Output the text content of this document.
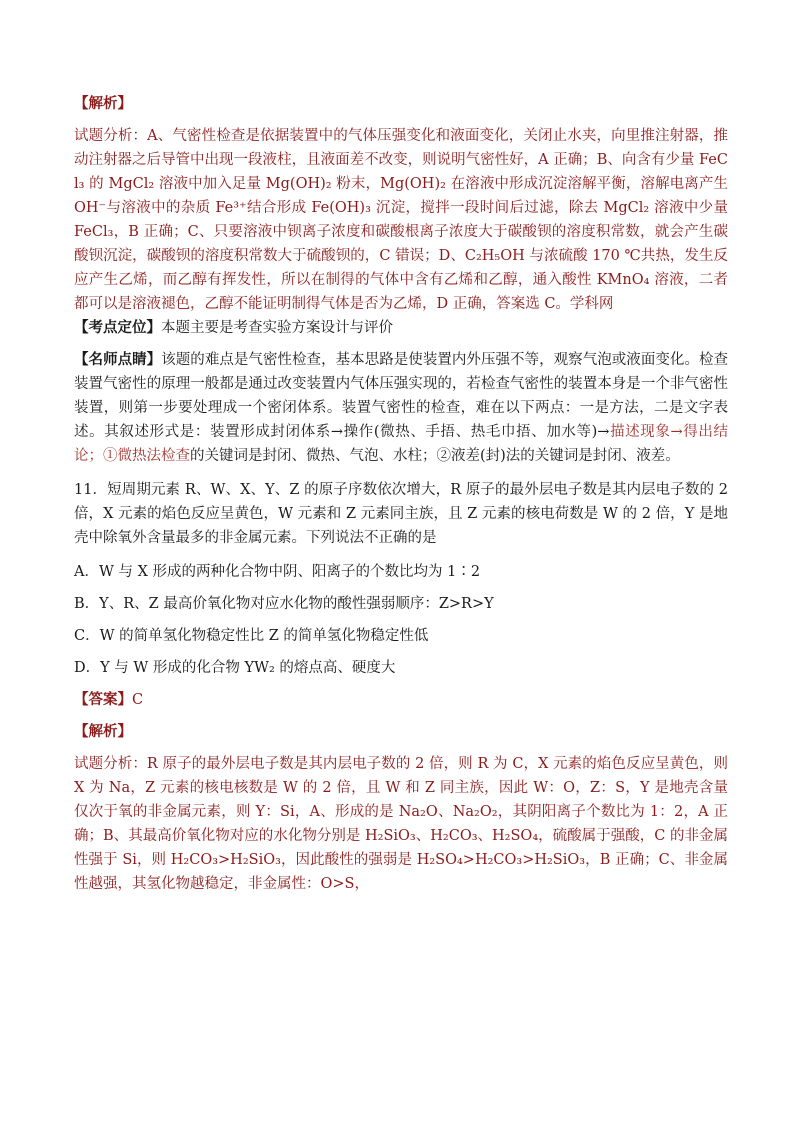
【解析】

试题分析：A、气密性检查是依据装置中的气体压强变化和液面变化，关闭止水夹，向里推注射器，推动注射器之后导管中出现一段液柱，且液面差不改变，则说明气密性好，A 正确；B、向含有少量 FeCl₃ 的 MgCl₂ 溶液中加入足量 Mg(OH)₂ 粉末，Mg(OH)₂ 在溶液中形成沉淀溶解平衡，溶解电离产生 OH⁻与溶液中的杂质 Fe³⁺结合形成 Fe(OH)₃ 沉淀，搅拌一段时间后过滤，除去 MgCl₂ 溶液中少量 FeCl₃，B 正确；C、只要溶液中钡离子浓度和碳酸根离子浓度大于碳酸钡的溶度积常数，就会产生碳酸钡沉淀，碳酸钡的溶度积常数大于硫酸钡的，C 错误；D、C₂H₅OH 与浓硫酸 170 ℃共热，发生反应产生乙烯，而乙醇有挥发性，所以在制得的气体中含有乙烯和乙醇，通入酸性 KMnO₄ 溶液，二者都可以是溶液褪色，乙醇不能证明制得气体是否为乙烯，D 正确，答案选 C。学科网

【考点定位】本题主要是考查实验方案设计与评价

【名师点睛】该题的难点是气密性检查，基本思路是使装置内外压强不等，观察气泡或液面变化。检查装置气密性的原理一般都是通过改变装置内气体压强实现的，若检查气密性的装置本身是一个非气密性装置，则第一步要处理成一个密闭体系。装置气密性的检查，难在以下两点：一是方法，二是文字表述。其叙述形式是：装置形成封闭体系→操作(微热、手捂、热毛巾捂、加水等)→描述现象→得出结论；①微热法检查的关键词是封闭、微热、气泡、水柱；②液差(封)法的关键词是封闭、液差。

11．短周期元素 R、W、X、Y、Z 的原子序数依次增大，R 原子的最外层电子数是其内层电子数的 2 倍，X 元素的焰色反应呈黄色，W 元素和 Z 元素同主族，且 Z 元素的核电荷数是 W 的 2 倍，Y 是地壳中除氧外含量最多的非金属元素。下列说法不正确的是

A．W 与 X 形成的两种化合物中阴、阳离子的个数比均为 1∶2

B．Y、R、Z 最高价氧化物对应水化物的酸性强弱顺序：Z>R>Y

C．W 的简单氢化物稳定性比 Z 的简单氢化物稳定性低

D．Y 与 W 形成的化合物 YW₂ 的熔点高、硬度大

【答案】C

【解析】

试题分析：R 原子的最外层电子数是其内层电子数的 2 倍，则 R 为 C，X 元素的焰色反应呈黄色，则 X 为 Na，Z 元素的核电核数是 W 的 2 倍，且 W 和 Z 同主族，因此 W：O，Z：S，Y 是地壳含量仅次于氧的非金属元素，则 Y：Si，A、形成的是 Na₂O、Na₂O₂，其阴阳离子个数比为 1：2，A 正确；B、其最高价氧化物对应的水化物分别是 H₂SiO₃、H₂CO₃、H₂SO₄，硫酸属于强酸，C 的非金属性强于 Si，则 H₂CO₃>H₂SiO₃，因此酸性的强弱是 H₂SO₄>H₂CO₃>H₂SiO₃，B 正确；C、非金属性越强，其氢化物越稳定，非金属性：O>S，
